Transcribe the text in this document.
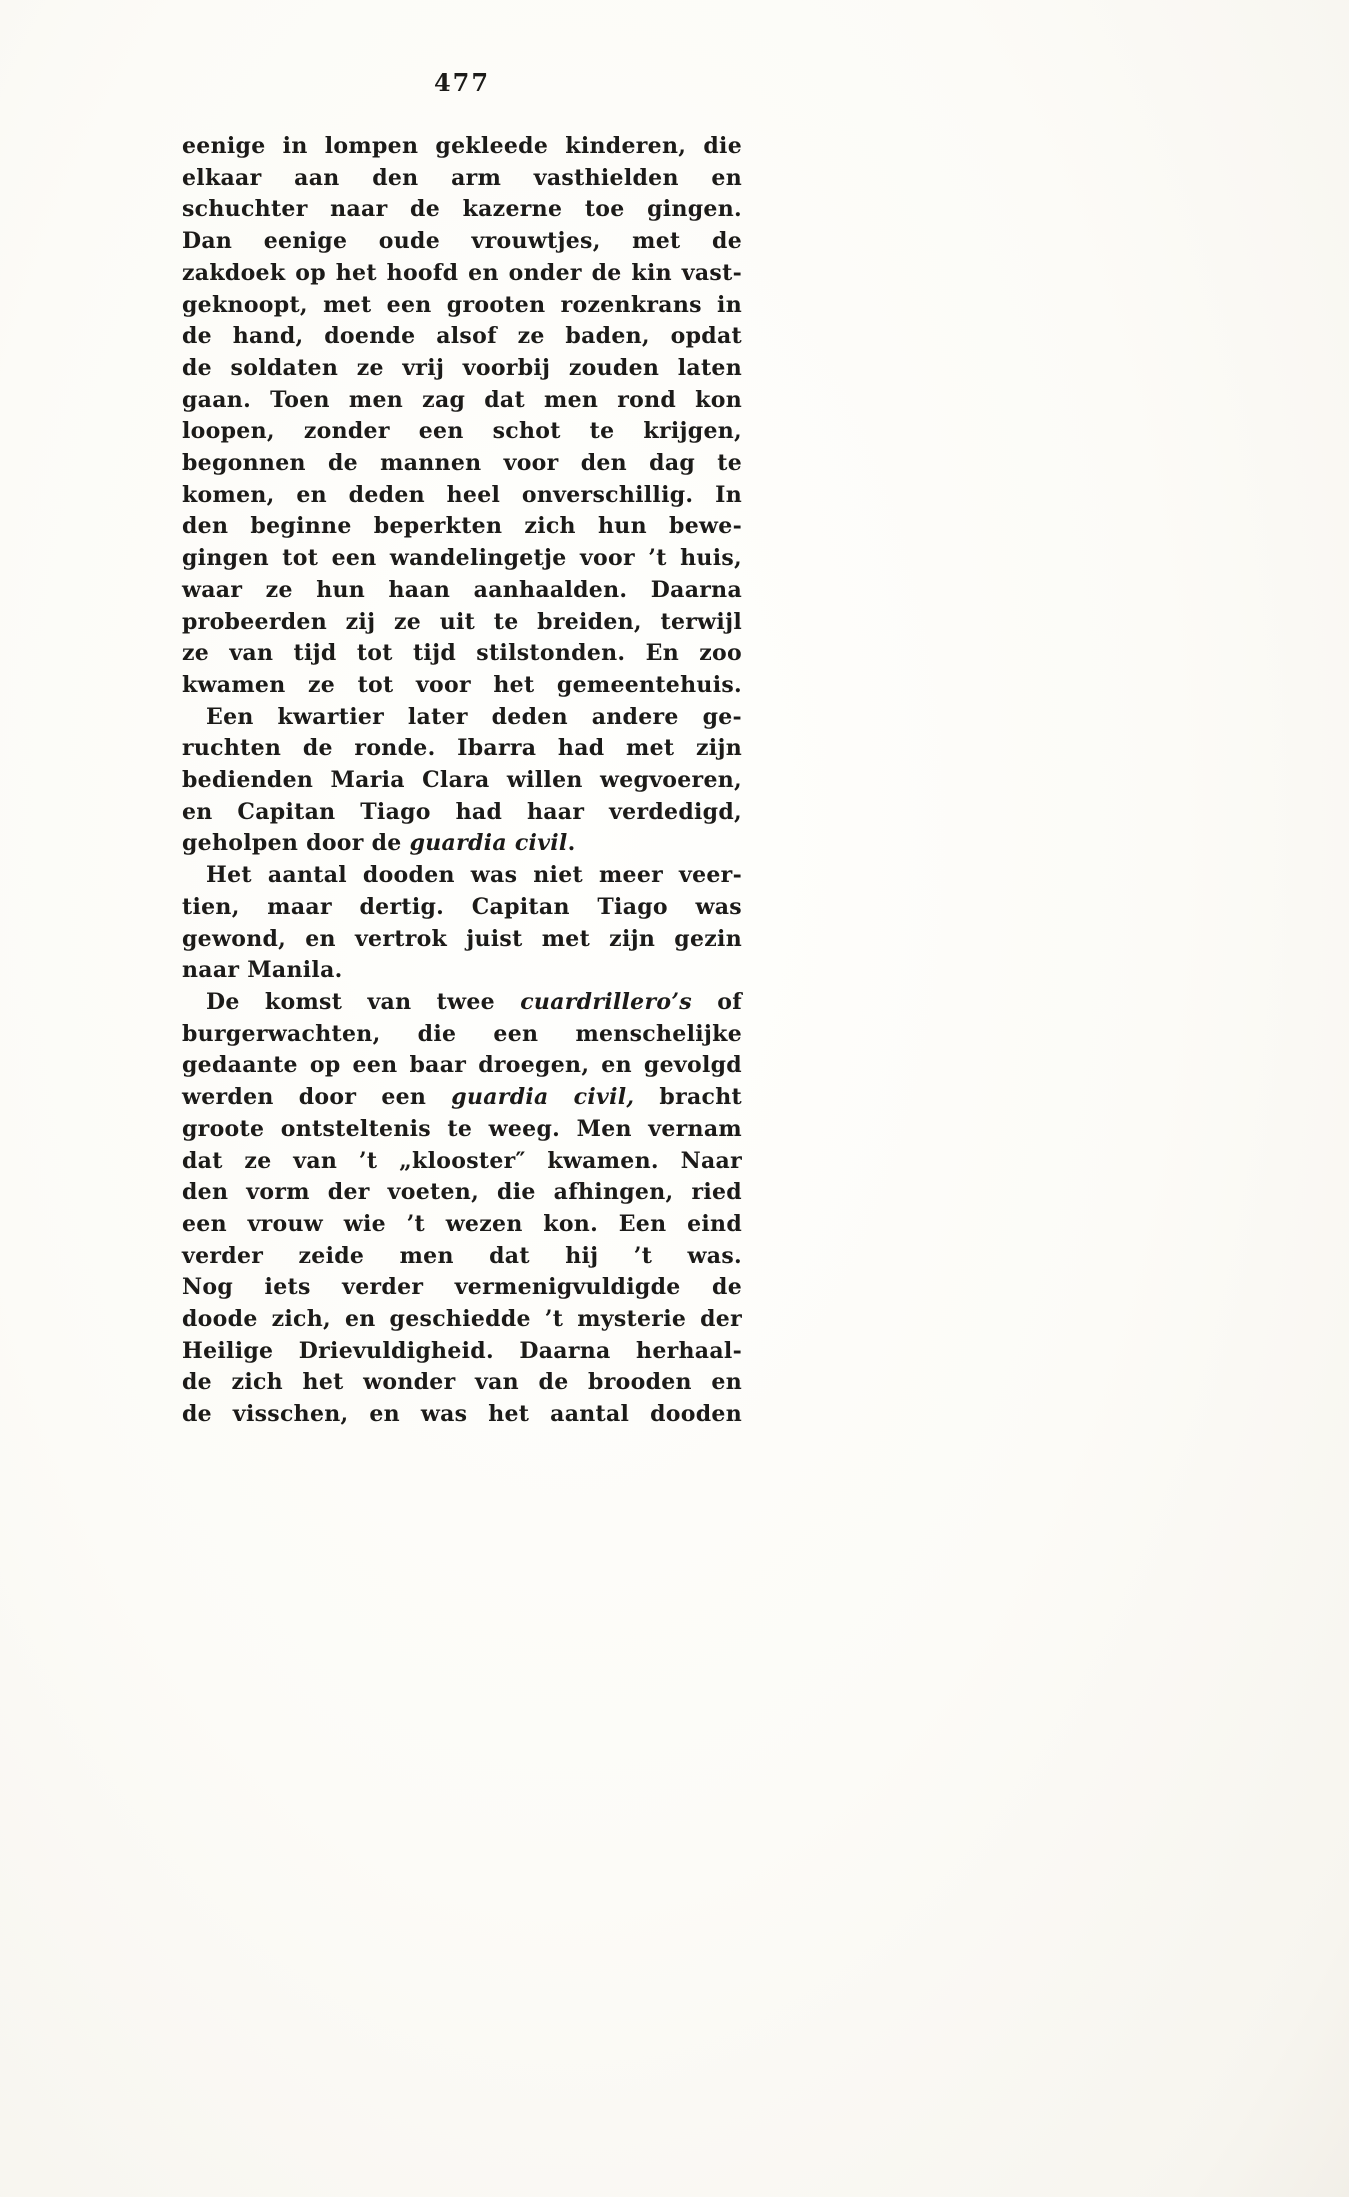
477
eenige in lompen gekleede kinderen, die
elkaar aan den arm vasthielden en
schuchter naar de kazerne toe gingen.
Dan eenige oude vrouwtjes, met de
zakdoek op het hoofd en onder de kin vast-
geknoopt, met een grooten rozenkrans in
de hand, doende alsof ze baden, opdat
de soldaten ze vrij voorbij zouden laten
gaan. Toen men zag dat men rond kon
loopen, zonder een schot te krijgen,
begonnen de mannen voor den dag te
komen, en deden heel onverschillig. In
den beginne beperkten zich hun bewe-
gingen tot een wandelingetje voor ’t huis,
waar ze hun haan aanhaalden. Daarna
probeerden zij ze uit te breiden, terwijl
ze van tijd tot tijd stilstonden. En zoo
kwamen ze tot voor het gemeentehuis.
Een kwartier later deden andere ge-
ruchten de ronde. Ibarra had met zijn
bedienden Maria Clara willen wegvoeren,
en Capitan Tiago had haar verdedigd,
geholpen door de guardia civil.
Het aantal dooden was niet meer veer-
tien, maar dertig. Capitan Tiago was
gewond, en vertrok juist met zijn gezin
naar Manila.
De komst van twee cuardrillero’s of
burgerwachten, die een menschelijke
gedaante op een baar droegen, en gevolgd
werden door een guardia civil, bracht
groote ontsteltenis te weeg. Men vernam
dat ze van ’t „klooster″ kwamen. Naar
den vorm der voeten, die afhingen, ried
een vrouw wie ’t wezen kon. Een eind
verder zeide men dat hij ’t was.
Nog iets verder vermenigvuldigde de
doode zich, en geschiedde ’t mysterie der
Heilige Drievuldigheid. Daarna herhaal-
de zich het wonder van de brooden en
de visschen, en was het aantal dooden
